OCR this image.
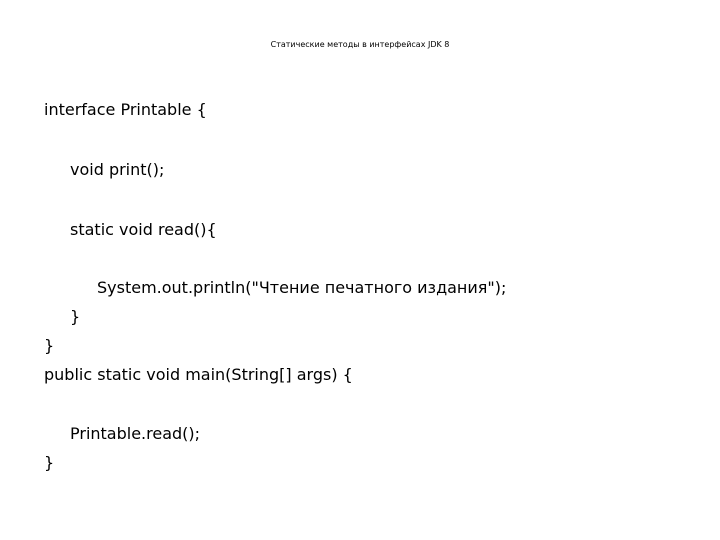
Статические методы в интерфейсах JDK 8
interface Printable {
void print();
static void read(){
System.out.println("Чтение печатного издания");
}
}
public static void main(String[] args) {
Printable.read();
}
